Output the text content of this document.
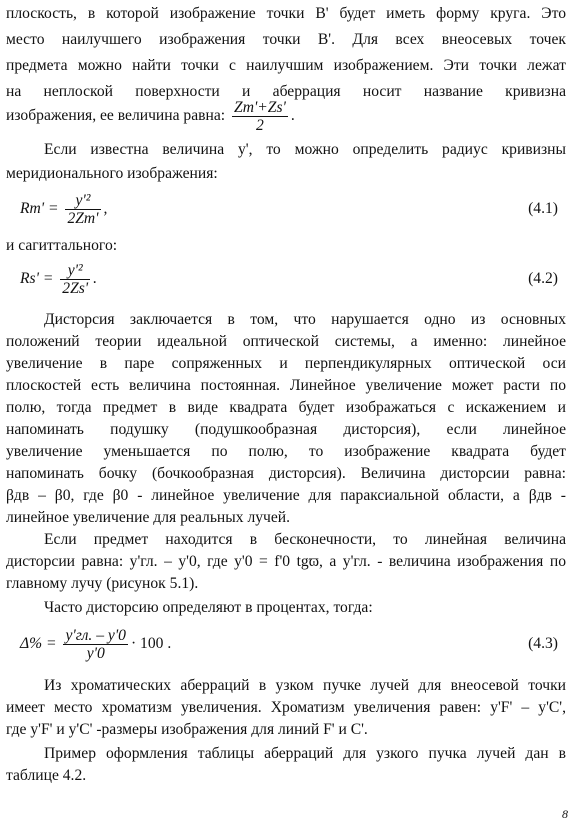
плоскость, в которой изображение точки B' будет иметь форму круга. Это
место наилучшего изображения точки B'. Для всех внеосевых точек
предмета можно найти точки с наилучшим изображением. Эти точки лежат
на неплоской поверхности и аберрация носит название кривизна
изображения, ее величина равна: $\frac{Zm'+Zs'}{2}$ .
Если известна величина y', то можно определить радиус кривизны
меридионального изображения:
$Rm' = \frac{\text{y'²}}{2Zm'}$ ,	(4.1)
и сагиттального:
$Rs' = \frac{\text{y'²}}{2Zs'}$ .	(4.2)
Дисторсия заключается в том, что нарушается одно из основных
положений теории идеальной оптической системы, а именно: линейное
увеличение в паре сопряженных и перпендикулярных оптической оси
плоскостей есть величина постоянная. Линейное увеличение может расти по
полю, тогда предмет в виде квадрата будет изображаться с искажением и
напоминать подушку (подушкообразная дисторсия), если линейное
увеличение уменьшается по полю, то изображение квадрата будет
напоминать бочку (бочкообразная дисторсия). Величина дисторсии равна:
βдв – β0, где β0 - линейное увеличение для параксиальной области, а βдв -
линейное увеличение для реальных лучей.
Если предмет находится в бесконечности, то линейная величина
дисторсии равна: y'гл. – y'0, где y'0 = f'0 tgϖ, а y'гл. - величина изображения по
главному лучу (рисунок 5.1).
Часто дисторсию определяют в процентах, тогда:
$\Delta\% = \frac{y'гл. - y'0}{y'0} \cdot 100$ .	(4.3)
Из хроматических аберраций в узком пучке лучей для внеосевой точки
имеет место хроматизм увеличения. Хроматизм увеличения равен: y'F' – y'C',
где y'F' и y'C' -размеры изображения для линий F' и C'.
Пример оформления таблицы аберраций для узкого пучка лучей дан в
таблице 4.2.
8
